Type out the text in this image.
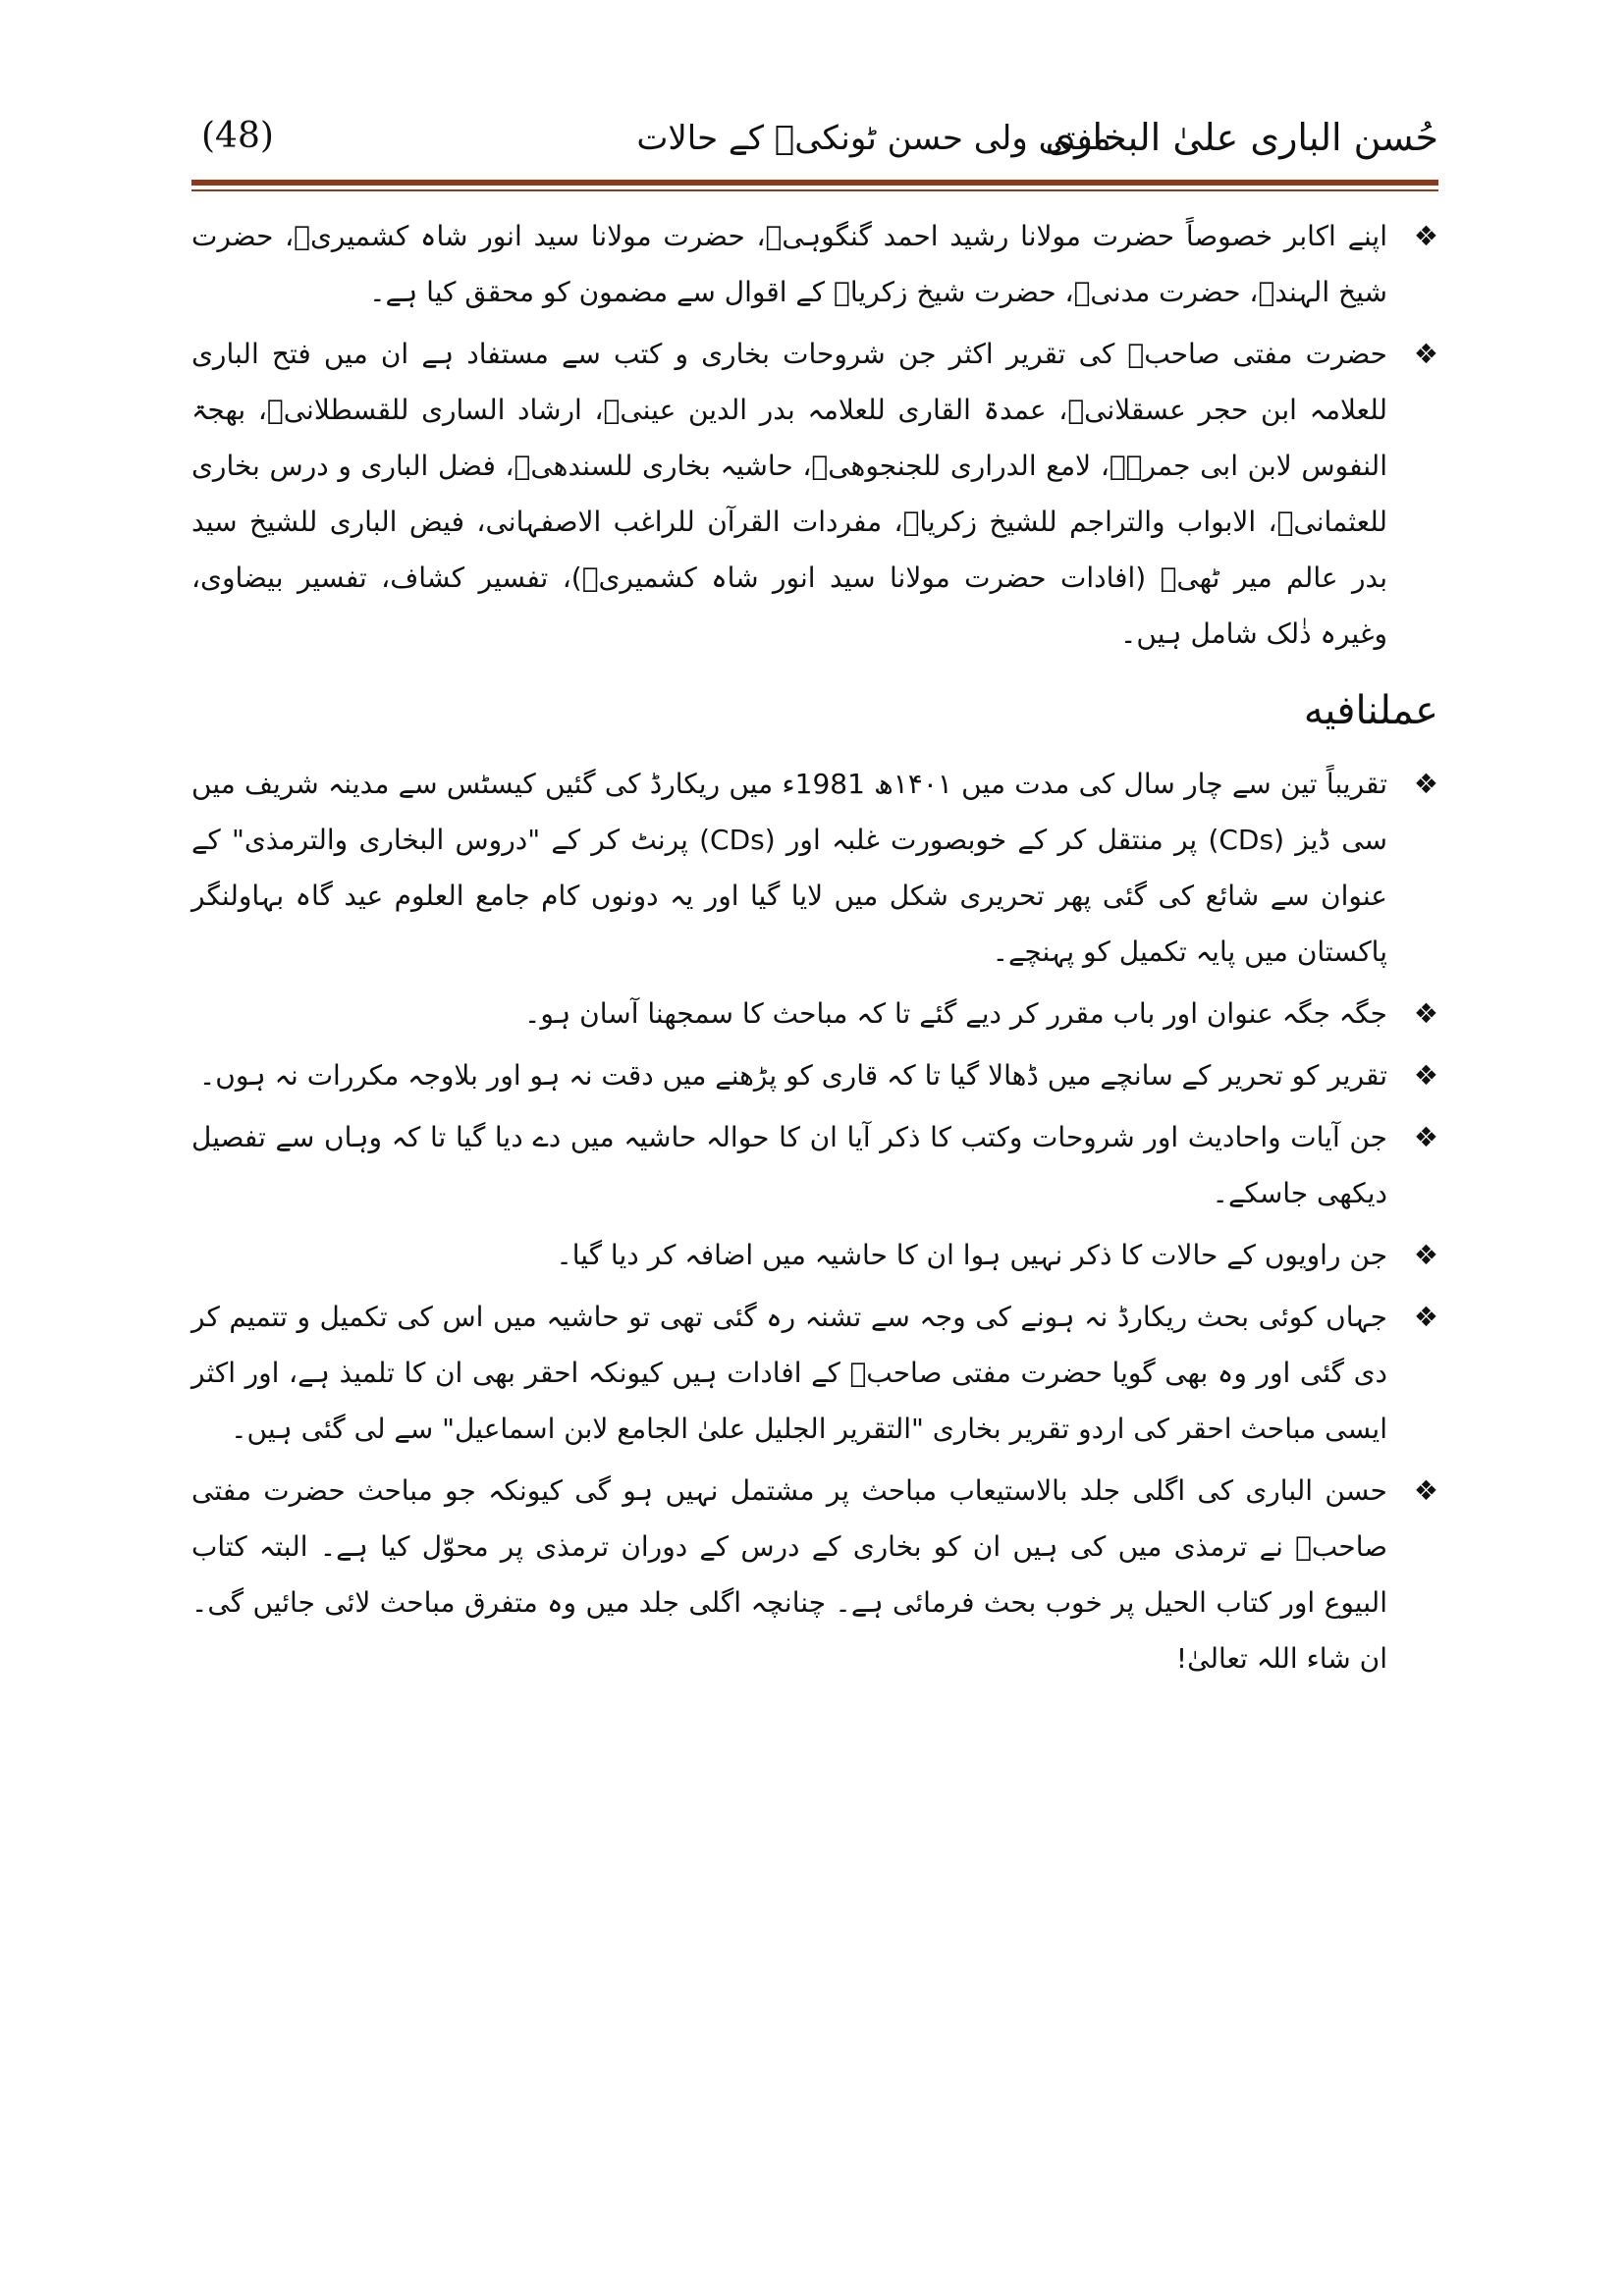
حُسن الباری علیٰ البخاری
مفتی ولی حسن ٹونکیؒ کے حالات
(48)
❖
اپنے اکابر خصوصاً حضرت مولانا رشید احمد گنگوہیؒ، حضرت مولانا سید انور شاہ کشمیریؒ، حضرت شیخ الہندؒ، حضرت مدنیؒ، حضرت شیخ زکریاؒ کے اقوال سے مضمون کو محقق کیا ہے۔
❖
حضرت مفتی صاحبؒ کی تقریر اکثر جن شروحات بخاری و کتب سے مستفاد ہے ان میں فتح الباری للعلامہ ابن حجر عسقلانیؒ، عمدۃ القاری للعلامہ بدر الدین عینیؒ، ارشاد الساری للقسطلانیؒ، بھجۃ النفوس لابن ابی جمرہؒ، لامع الدراری للجنجوھیؒ، حاشیہ بخاری للسندھیؒ، فضل الباری و درس بخاری للعثمانیؒ، الابواب والتراجم للشیخ زکریاؒ، مفردات القرآن للراغب الاصفہانی، فیض الباری للشیخ سید بدر عالم میر ٹھیؒ (افادات حضرت مولانا سید انور شاہ کشمیریؒ)، تفسیر کشاف، تفسیر بیضاوی، وغیرہ ذٰلک شامل ہیں۔
عملنافیه
❖
تقریباً تین سے چار سال کی مدت میں ۱۴۰۱ھ 1981ء میں ریکارڈ کی گئیں کیسٹس سے مدینہ شریف میں سی ڈیز (CDs) پر منتقل کر کے خوبصورت غلبہ اور (CDs) پرنٹ کر کے "دروس البخاری والترمذی" کے عنوان سے شائع کی گئی پھر تحریری شکل میں لایا گیا اور یہ دونوں کام جامع العلوم عید گاہ بہاولنگر پاکستان میں پایہ تکمیل کو پہنچے۔
❖
جگہ جگہ عنوان اور باب مقرر کر دیے گئے تا کہ مباحث کا سمجھنا آسان ہو۔
❖
تقریر کو تحریر کے سانچے میں ڈھالا گیا تا کہ قاری کو پڑھنے میں دقت نہ ہو اور بلاوجہ مکررات نہ ہوں۔
❖
جن آیات واحادیث اور شروحات وکتب کا ذکر آیا ان کا حوالہ حاشیہ میں دے دیا گیا تا کہ وہاں سے تفصیل دیکھی جاسکے۔
❖
جن راویوں کے حالات کا ذکر نہیں ہوا ان کا حاشیہ میں اضافہ کر دیا گیا۔
❖
جہاں کوئی بحث ریکارڈ نہ ہونے کی وجہ سے تشنہ رہ گئی تھی تو حاشیہ میں اس کی تکمیل و تتمیم کر دی گئی اور وہ بھی گویا حضرت مفتی صاحبؒ کے افادات ہیں کیونکہ احقر بھی ان کا تلمیذ ہے، اور اکثر ایسی مباحث احقر کی اردو تقریر بخاری "التقریر الجلیل علیٰ الجامع لابن اسماعیل" سے لی گئی ہیں۔
❖
حسن الباری کی اگلی جلد بالاستیعاب مباحث پر مشتمل نہیں ہو گی کیونکہ جو مباحث حضرت مفتی صاحبؒ نے ترمذی میں کی ہیں ان کو بخاری کے درس کے دوران ترمذی پر محوّل کیا ہے۔ البتہ کتاب البیوع اور کتاب الحیل پر خوب بحث فرمائی ہے۔ چنانچہ اگلی جلد میں وہ متفرق مباحث لائی جائیں گی۔ ان شاء اللہ تعالیٰ!
